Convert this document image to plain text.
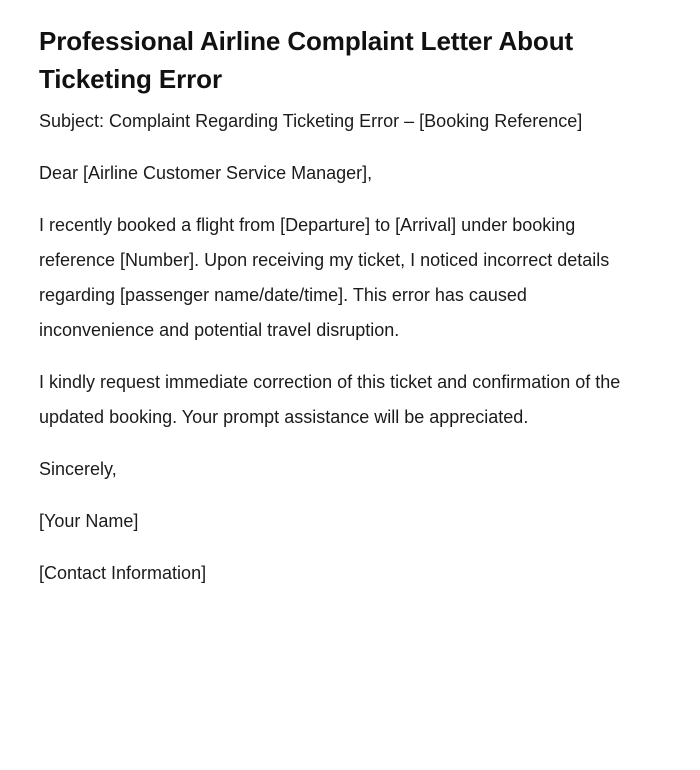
Professional Airline Complaint Letter About Ticketing Error

Subject: Complaint Regarding Ticketing Error – [Booking Reference]

Dear [Airline Customer Service Manager],

I recently booked a flight from [Departure] to [Arrival] under booking reference [Number]. Upon receiving my ticket, I noticed incorrect details regarding [passenger name/date/time]. This error has caused inconvenience and potential travel disruption.

I kindly request immediate correction of this ticket and confirmation of the updated booking. Your prompt assistance will be appreciated.

Sincerely,

[Your Name]

[Contact Information]
